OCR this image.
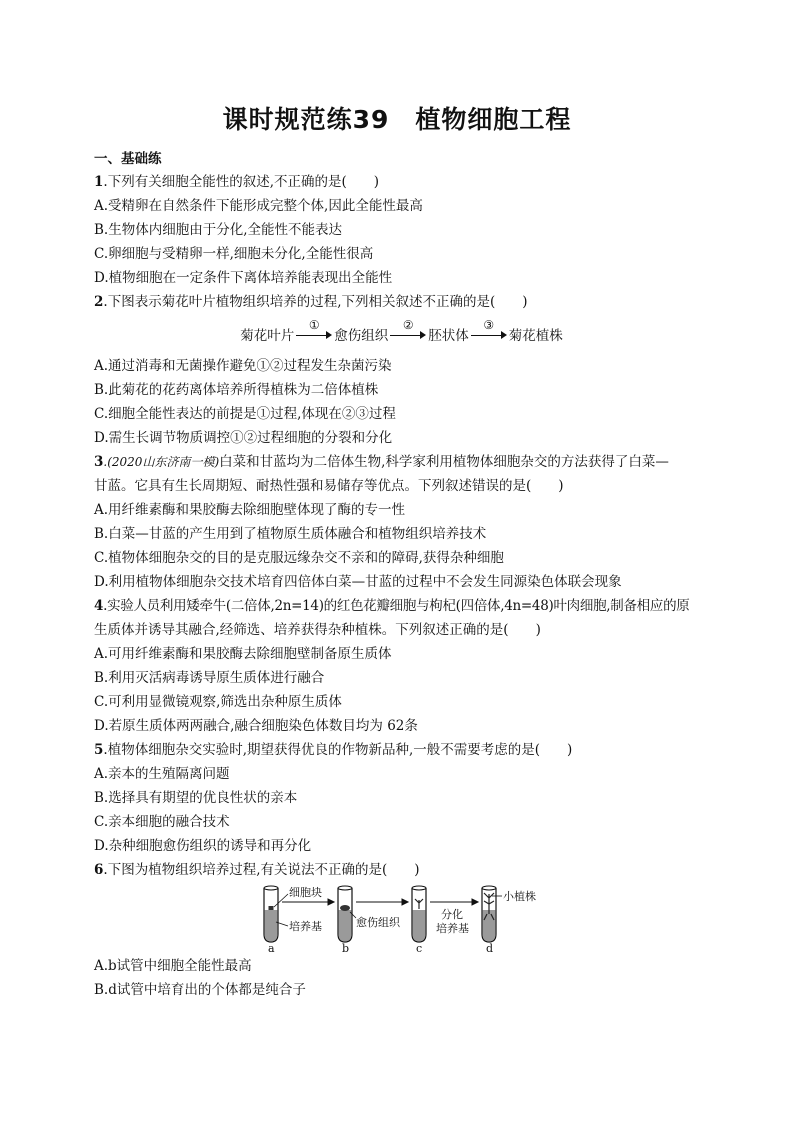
课时规范练39　植物细胞工程
一、基础练
1.下列有关细胞全能性的叙述,不正确的是(　　)
A.受精卵在自然条件下能形成完整个体,因此全能性最高
B.生物体内细胞由于分化,全能性不能表达
C.卵细胞与受精卵一样,细胞未分化,全能性很高
D.植物细胞在一定条件下离体培养能表现出全能性
2.下图表示菊花叶片植物组织培养的过程,下列相关叙述不正确的是(　　)
菊花叶片
①
愈伤组织
②
胚状体
③
菊花植株
A.通过消毒和无菌操作避免①②过程发生杂菌污染
B.此菊花的花药离体培养所得植株为二倍体植株
C.细胞全能性表达的前提是①过程,体现在②③过程
D.需生长调节物质调控①②过程细胞的分裂和分化
3.(2020山东济南一模)白菜和甘蓝均为二倍体生物,科学家利用植物体细胞杂交的方法获得了白菜—
甘蓝。它具有生长周期短、耐热性强和易储存等优点。下列叙述错误的是(　　)
A.用纤维素酶和果胶酶去除细胞壁体现了酶的专一性
B.白菜—甘蓝的产生用到了植物原生质体融合和植物组织培养技术
C.植物体细胞杂交的目的是克服远缘杂交不亲和的障碍,获得杂种细胞
D.利用植物体细胞杂交技术培育四倍体白菜—甘蓝的过程中不会发生同源染色体联会现象
4.实验人员利用矮牵牛(二倍体,2n=14)的红色花瓣细胞与枸杞(四倍体,4n=48)叶肉细胞,制备相应的原
生质体并诱导其融合,经筛选、培养获得杂种植株。下列叙述正确的是(　　)
A.可用纤维素酶和果胶酶去除细胞壁制备原生质体
B.利用灭活病毒诱导原生质体进行融合
C.可利用显微镜观察,筛选出杂种原生质体
D.若原生质体两两融合,融合细胞染色体数目均为 62条
5.植物体细胞杂交实验时,期望获得优良的作物新品种,一般不需要考虑的是(　　)
A.亲本的生殖隔离问题
B.选择具有期望的优良性状的亲本
C.亲本细胞的融合技术
D.杂种细胞愈伤组织的诱导和再分化
6.下图为植物组织培养过程,有关说法不正确的是(　　)
细胞块
培养基	愈伤组织
分化
培养基
小植株
a	b	c	d
A.b试管中细胞全能性最高
B.d试管中培育出的个体都是纯合子
